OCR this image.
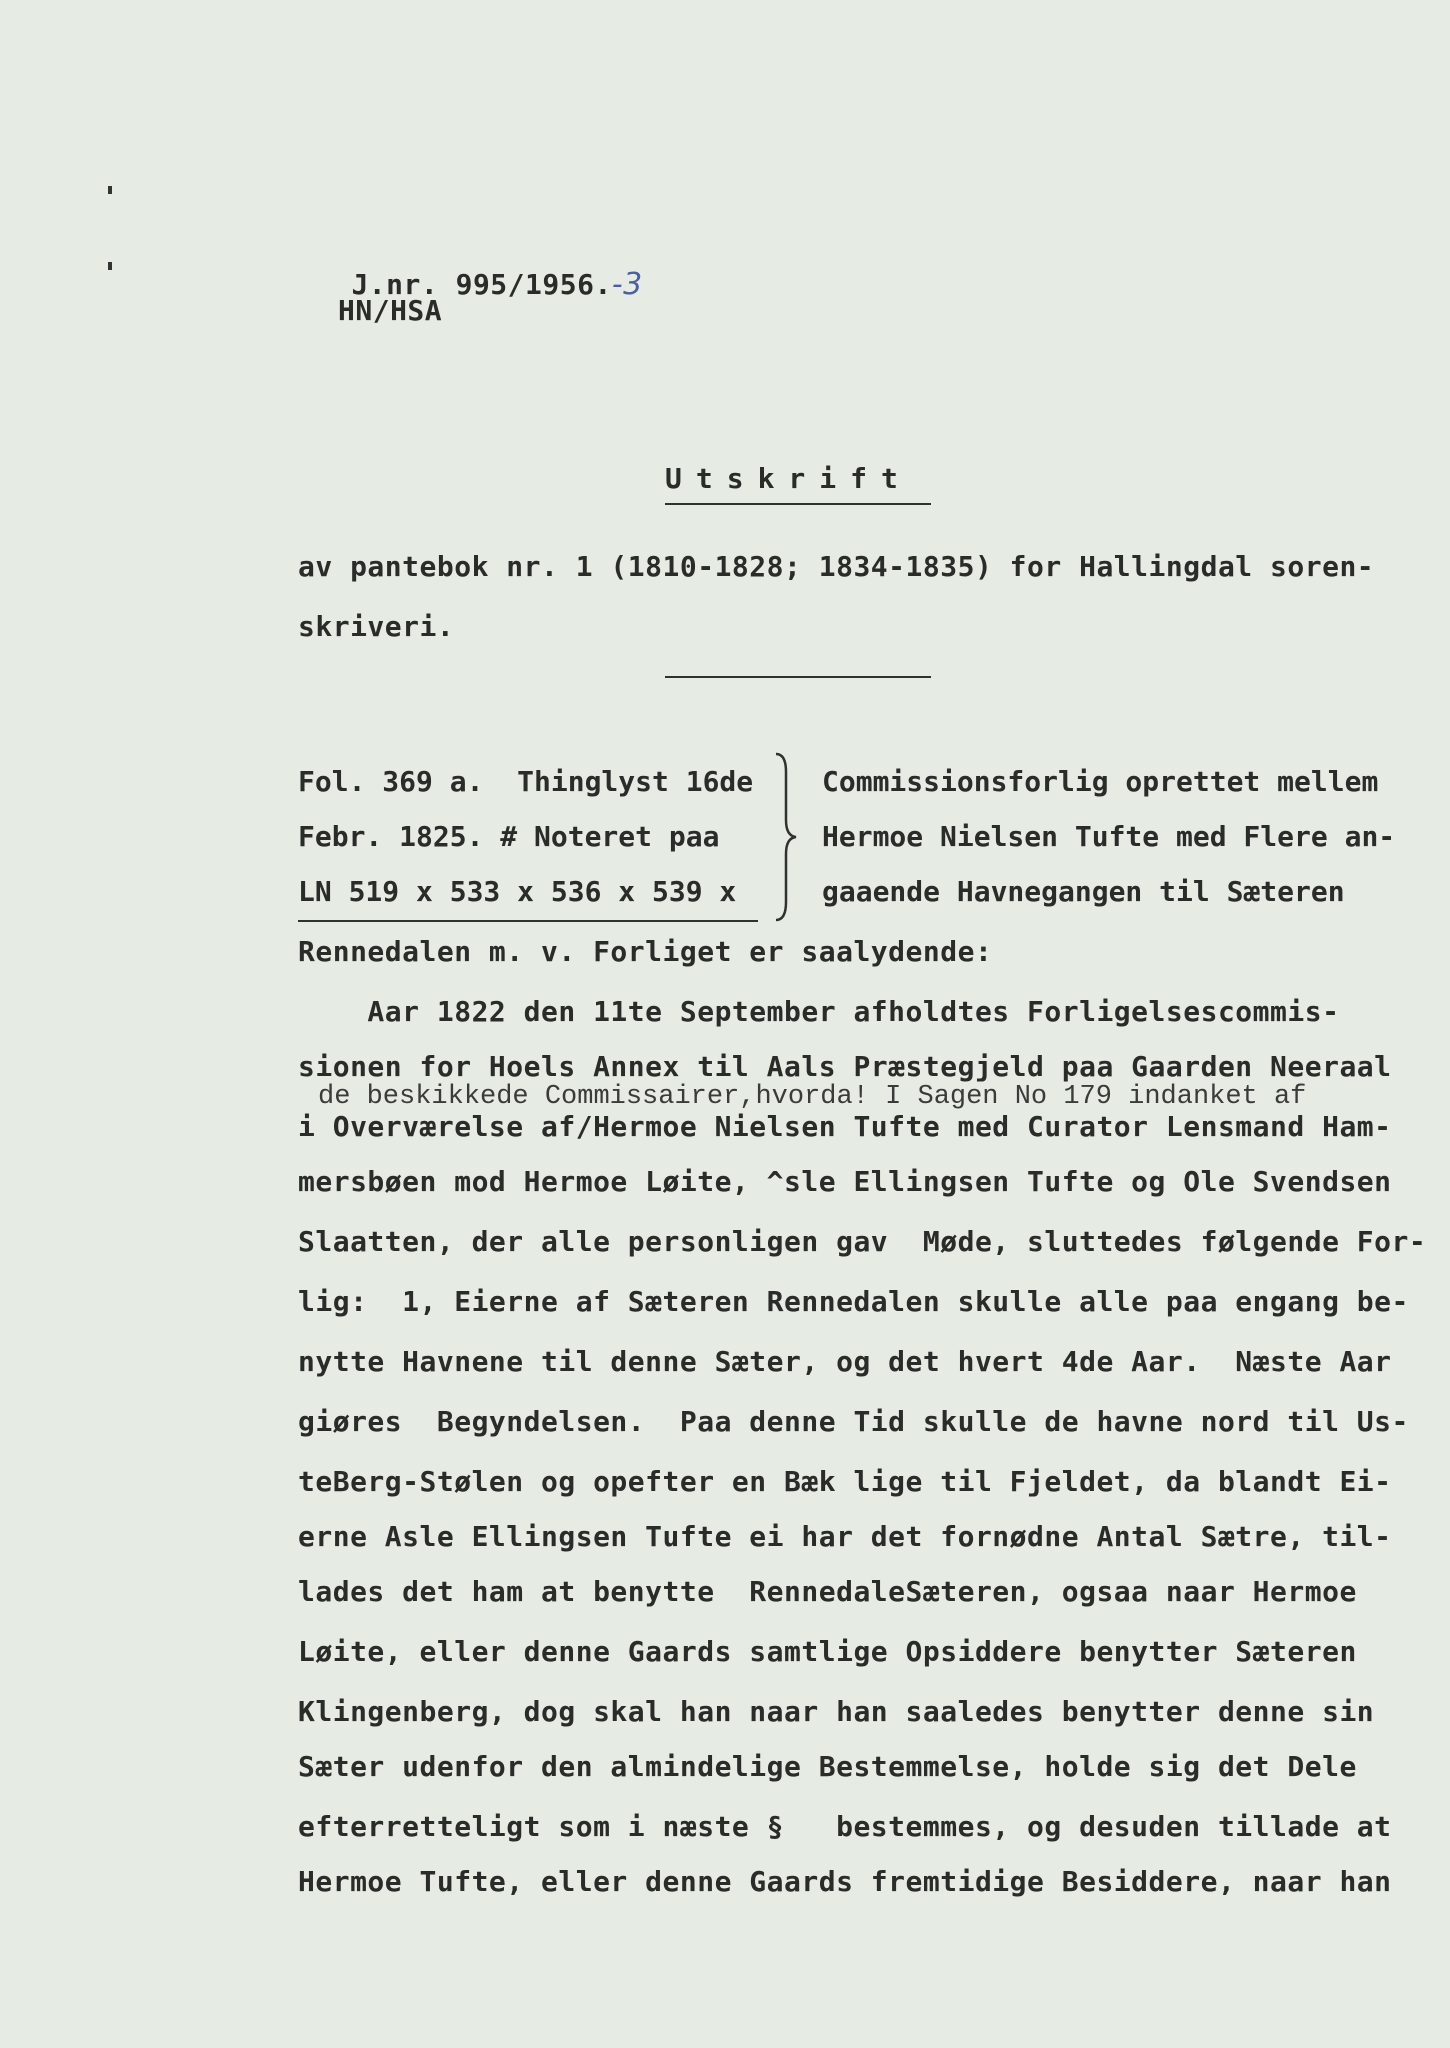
J.nr. 995/1956.-3

HN/HSA
Utskrift
av pantebok nr. 1 (1810-1828; 1834-1835) for Hallingdal soren-
skriveri.
Fol. 369 a.  Thinglyst 16de
Febr. 1825. # Noteret paa
LN 519 x 533 x 536 x 539 x
Commissionsforlig oprettet mellem
Hermoe Nielsen Tufte med Flere an-
gaaende Havnegangen til Sæteren
Rennedalen m. v. Forliget er saalydende:
Aar 1822 den 11te September afholdtes Forligelsescommis-
sionen for Hoels Annex til Aals Præstegjeld paa Gaarden Neeraal
de beskikkede Commissairer,hvorda! I Sagen No 179 indanket af
i Overværelse af/Hermoe Nielsen Tufte med Curator Lensmand Ham-
mersbøen mod Hermoe Løite, ^sle Ellingsen Tufte og Ole Svendsen
Slaatten, der alle personligen gav  Møde, sluttedes følgende For-
lig:  1, Eierne af Sæteren Rennedalen skulle alle paa engang be-
nytte Havnene til denne Sæter, og det hvert 4de Aar.  Næste Aar
giøres  Begyndelsen.  Paa denne Tid skulle de havne nord til Us-
teBerg-Stølen og opefter en Bæk lige til Fjeldet, da blandt Ei-
erne Asle Ellingsen Tufte ei har det fornødne Antal Sætre, til-
lades det ham at benytte  RennedaleSæteren, ogsaa naar Hermoe
Løite, eller denne Gaards samtlige Opsiddere benytter Sæteren
Klingenberg, dog skal han naar han saaledes benytter denne sin
Sæter udenfor den almindelige Bestemmelse, holde sig det Dele
efterretteligt som i næste §   bestemmes, og desuden tillade at
Hermoe Tufte, eller denne Gaards fremtidige Besiddere, naar han
